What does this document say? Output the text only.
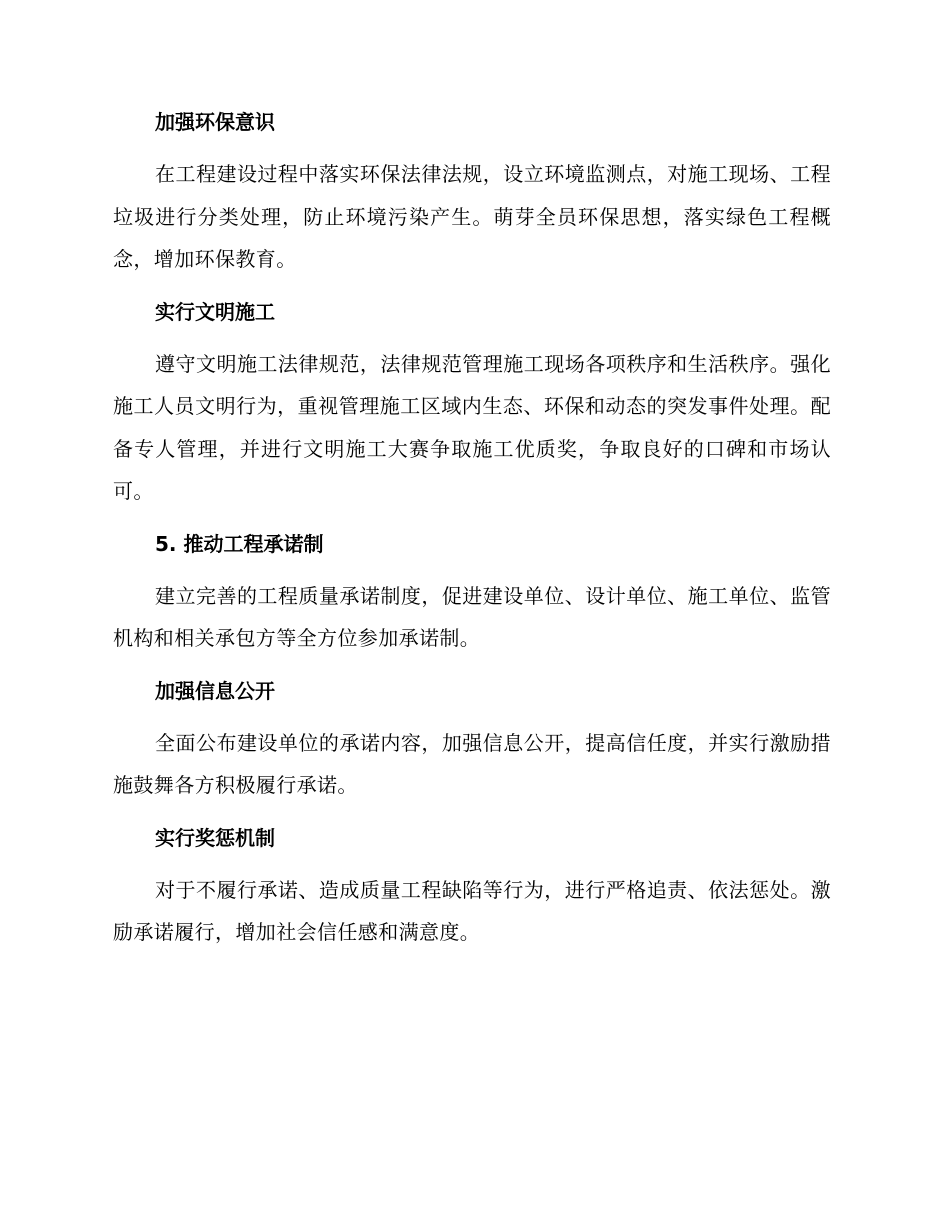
加强环保意识

在工程建设过程中落实环保法律法规，设立环境监测点，对施工现场、工程垃圾进行分类处理，防止环境污染产生。萌芽全员环保思想，落实绿色工程概念，增加环保教育。

实行文明施工

遵守文明施工法律规范，法律规范管理施工现场各项秩序和生活秩序。强化施工人员文明行为，重视管理施工区域内生态、环保和动态的突发事件处理。配备专人管理，并进行文明施工大赛争取施工优质奖，争取良好的口碑和市场认可。

5. 推动工程承诺制

建立完善的工程质量承诺制度，促进建设单位、设计单位、施工单位、监管机构和相关承包方等全方位参加承诺制。

加强信息公开

全面公布建设单位的承诺内容，加强信息公开，提高信任度，并实行激励措施鼓舞各方积极履行承诺。

实行奖惩机制

对于不履行承诺、造成质量工程缺陷等行为，进行严格追责、依法惩处。激励承诺履行，增加社会信任感和满意度。
